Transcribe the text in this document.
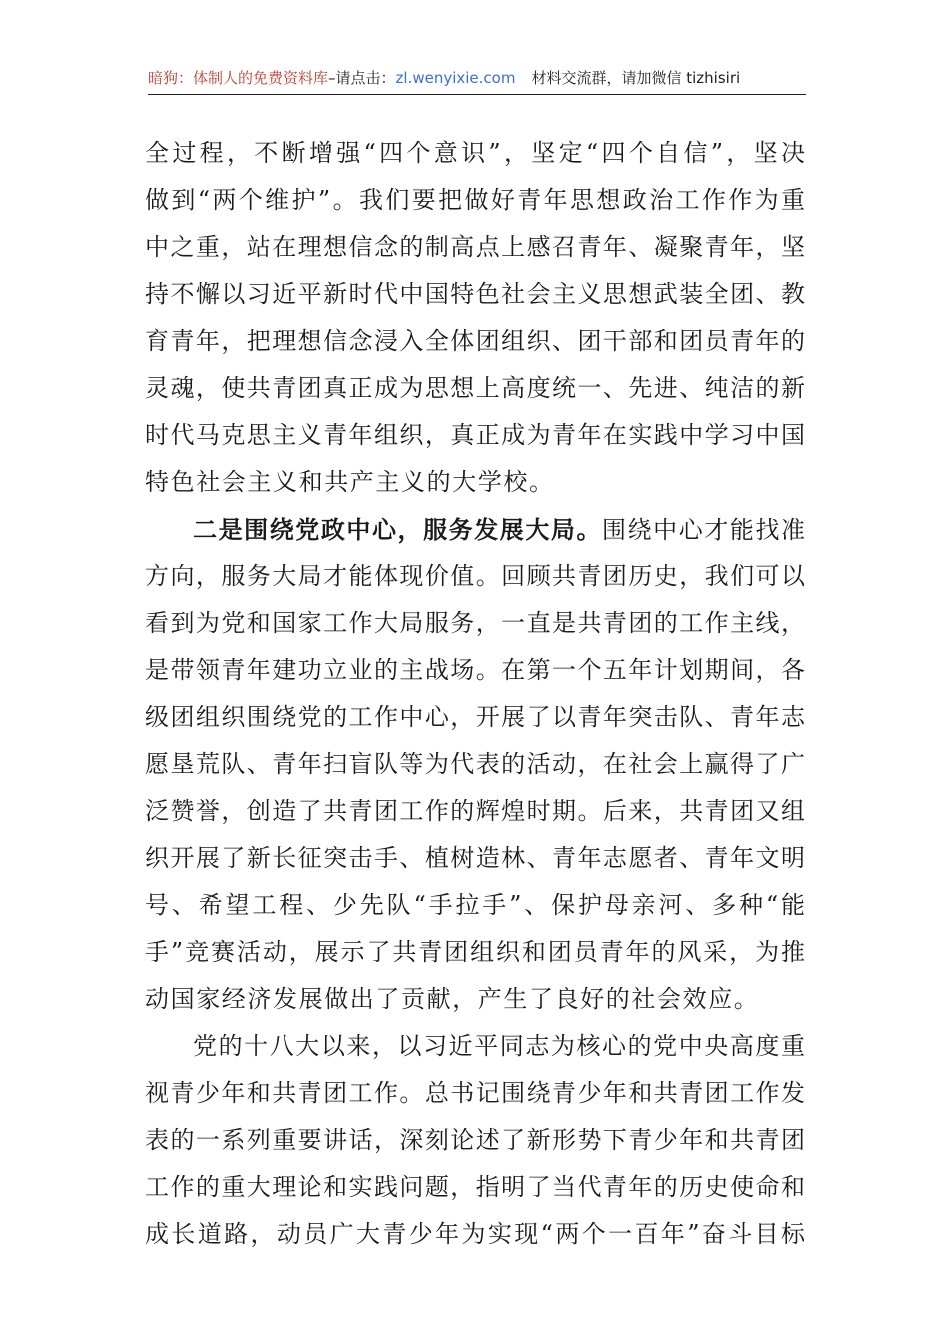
暗狗：体制人的免费资料库–请点击：zl.wenyixie.com 材料交流群，请加微信 tizhisiri
全过程，不断增强“四个意识”，坚定“四个自信”，坚决
做到“两个维护”。我们要把做好青年思想政治工作作为重
中之重，站在理想信念的制高点上感召青年、凝聚青年，坚
持不懈以习近平新时代中国特色社会主义思想武装全团、教
育青年，把理想信念浸入全体团组织、团干部和团员青年的
灵魂，使共青团真正成为思想上高度统一、先进、纯洁的新
时代马克思主义青年组织，真正成为青年在实践中学习中国
特色社会主义和共产主义的大学校。
二是围绕党政中心，服务发展大局。围绕中心才能找准
方向，服务大局才能体现价值。回顾共青团历史，我们可以
看到为党和国家工作大局服务，一直是共青团的工作主线，
是带领青年建功立业的主战场。在第一个五年计划期间，各
级团组织围绕党的工作中心，开展了以青年突击队、青年志
愿垦荒队、青年扫盲队等为代表的活动，在社会上赢得了广
泛赞誉，创造了共青团工作的辉煌时期。后来，共青团又组
织开展了新长征突击手、植树造林、青年志愿者、青年文明
号、希望工程、少先队“手拉手”、保护母亲河、多种“能
手”竞赛活动，展示了共青团组织和团员青年的风采，为推
动国家经济发展做出了贡献，产生了良好的社会效应。
党的十八大以来，以习近平同志为核心的党中央高度重
视青少年和共青团工作。总书记围绕青少年和共青团工作发
表的一系列重要讲话，深刻论述了新形势下青少年和共青团
工作的重大理论和实践问题，指明了当代青年的历史使命和
成长道路，动员广大青少年为实现“两个一百年”奋斗目标
